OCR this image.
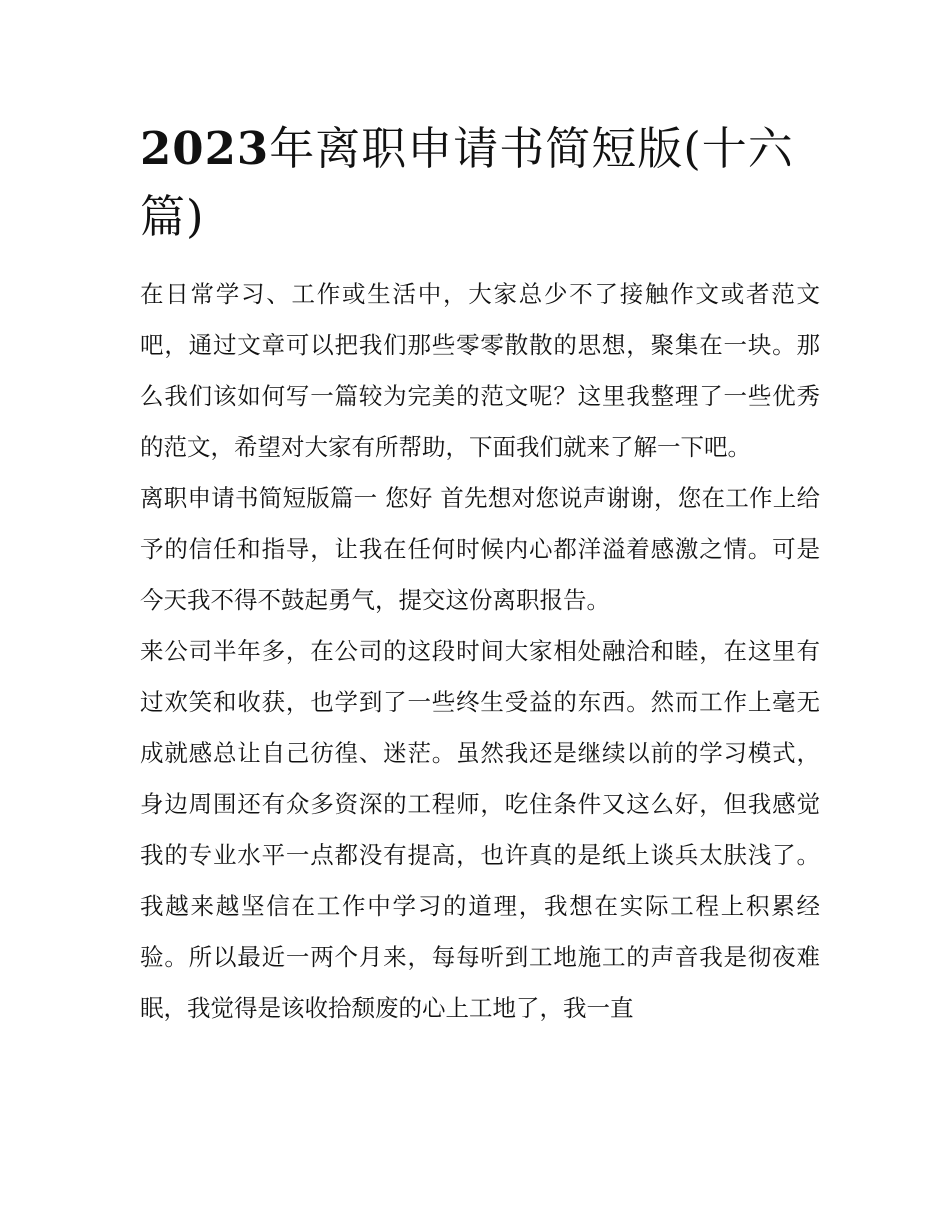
2023年离职申请书简短版(十六篇)

在日常学习、工作或生活中，大家总少不了接触作文或者范文吧，通过文章可以把我们那些零零散散的思想，聚集在一块。那么我们该如何写一篇较为完美的范文呢？这里我整理了一些优秀的范文，希望对大家有所帮助，下面我们就来了解一下吧。

离职申请书简短版篇一 您好 首先想对您说声谢谢，您在工作上给予的信任和指导，让我在任何时候内心都洋溢着感激之情。可是今天我不得不鼓起勇气，提交这份离职报告。

来公司半年多，在公司的这段时间大家相处融洽和睦，在这里有过欢笑和收获，也学到了一些终生受益的东西。然而工作上毫无成就感总让自己彷徨、迷茫。虽然我还是继续以前的学习模式，身边周围还有众多资深的工程师，吃住条件又这么好，但我感觉我的专业水平一点都没有提高，也许真的是纸上谈兵太肤浅了。我越来越坚信在工作中学习的道理，我想在实际工程上积累经验。所以最近一两个月来，每每听到工地施工的声音我是彻夜难眠，我觉得是该收拾颓废的心上工地了，我一直
